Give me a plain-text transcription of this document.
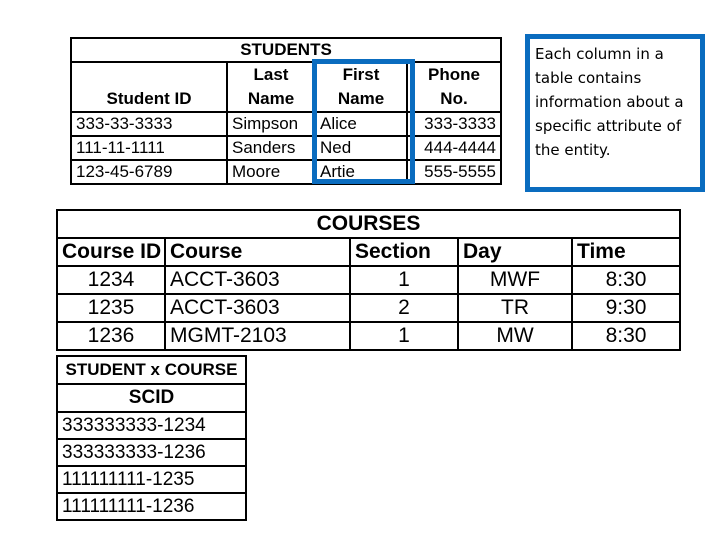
STUDENTS			
Student ID	Last Name	First Name	Phone No.
333-33-3333	Simpson	Alice	333-3333
111-11-1111	Sanders	Ned	444-4444
123-45-6789	Moore	Artie	555-5555
Each column in a table contains information about a specific attribute of the entity.
COURSES				
Course ID	Course	Section	Day	Time
1234	ACCT-3603	1	MWF	8:30
1235	ACCT-3603	2	TR	9:30
1236	MGMT-2103	1	MW	8:30
STUDENT x COURSE
SCID
333333333-1234
333333333-1236
111111111-1235
111111111-1236
